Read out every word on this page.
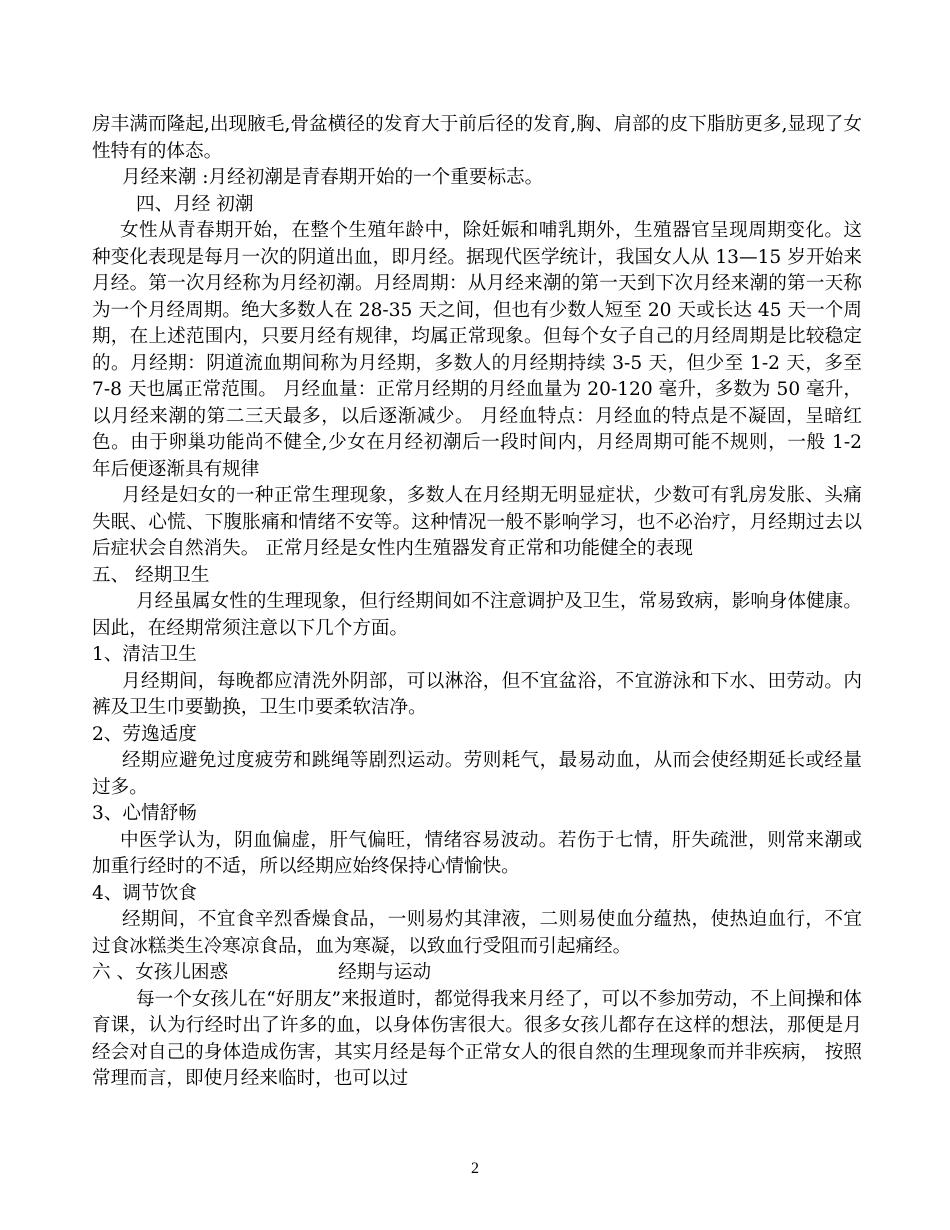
房丰满而隆起,出现腋毛,骨盆横径的发育大于前后径的发育,胸、肩部的皮下脂肪更多,显现了女性特有的体态。

月经来潮 :月经初潮是青春期开始的一个重要标志。

四、月经 初潮

女性从青春期开始，在整个生殖年龄中，除妊娠和哺乳期外，生殖器官呈现周期变化。这种变化表现是每月一次的阴道出血，即月经。据现代医学统计，我国女人从 13—15 岁开始来月经。第一次月经称为月经初潮。月经周期：从月经来潮的第一天到下次月经来潮的第一天称为一个月经周期。绝大多数人在 28-35 天之间，但也有少数人短至 20 天或长达 45 天一个周期，在上述范围内，只要月经有规律，均属正常现象。但每个女子自己的月经周期是比较稳定的。月经期：阴道流血期间称为月经期，多数人的月经期持续 3-5 天，但少至 1-2 天，多至 7-8 天也属正常范围。 月经血量：正常月经期的月经血量为 20-120 毫升，多数为 50 毫升，以月经来潮的第二三天最多，以后逐渐减少。 月经血特点：月经血的特点是不凝固，呈暗红色。由于卵巢功能尚不健全,少女在月经初潮后一段时间内，月经周期可能不规则，一般 1-2 年后便逐渐具有规律

月经是妇女的一种正常生理现象，多数人在月经期无明显症状，少数可有乳房发胀、头痛失眠、心慌、下腹胀痛和情绪不安等。这种情况一般不影响学习，也不必治疗，月经期过去以后症状会自然消失。 正常月经是女性内生殖器发育正常和功能健全的表现

五、 经期卫生

月经虽属女性的生理现象，但行经期间如不注意调护及卫生，常易致病，影响身体健康。因此，在经期常须注意以下几个方面。

1、清洁卫生

月经期间，每晚都应清洗外阴部，可以淋浴，但不宜盆浴，不宜游泳和下水、田劳动。内裤及卫生巾要勤换，卫生巾要柔软洁净。

2、劳逸适度

经期应避免过度疲劳和跳绳等剧烈运动。劳则耗气，最易动血，从而会使经期延长或经量过多。

3、心情舒畅

中医学认为，阴血偏虚，肝气偏旺，情绪容易波动。若伤于七情，肝失疏泄，则常来潮或加重行经时的不适，所以经期应始终保持心情愉快。

4、调节饮食

经期间，不宜食辛烈香燥食品，一则易灼其津液，二则易使血分蕴热，使热迫血行，不宜过食冰糕类生冷寒凉食品，血为寒凝，以致血行受阻而引起痛经。

六 、女孩儿困惑	经期与运动

每一个女孩儿在“好朋友”来报道时，都觉得我来月经了，可以不参加劳动，不上间操和体育课，认为行经时出了许多的血，以身体伤害很大。很多女孩儿都存在这样的想法，那便是月经会对自己的身体造成伤害，其实月经是每个正常女人的很自然的生理现象而并非疾病， 按照常理而言，即使月经来临时，也可以过

2
